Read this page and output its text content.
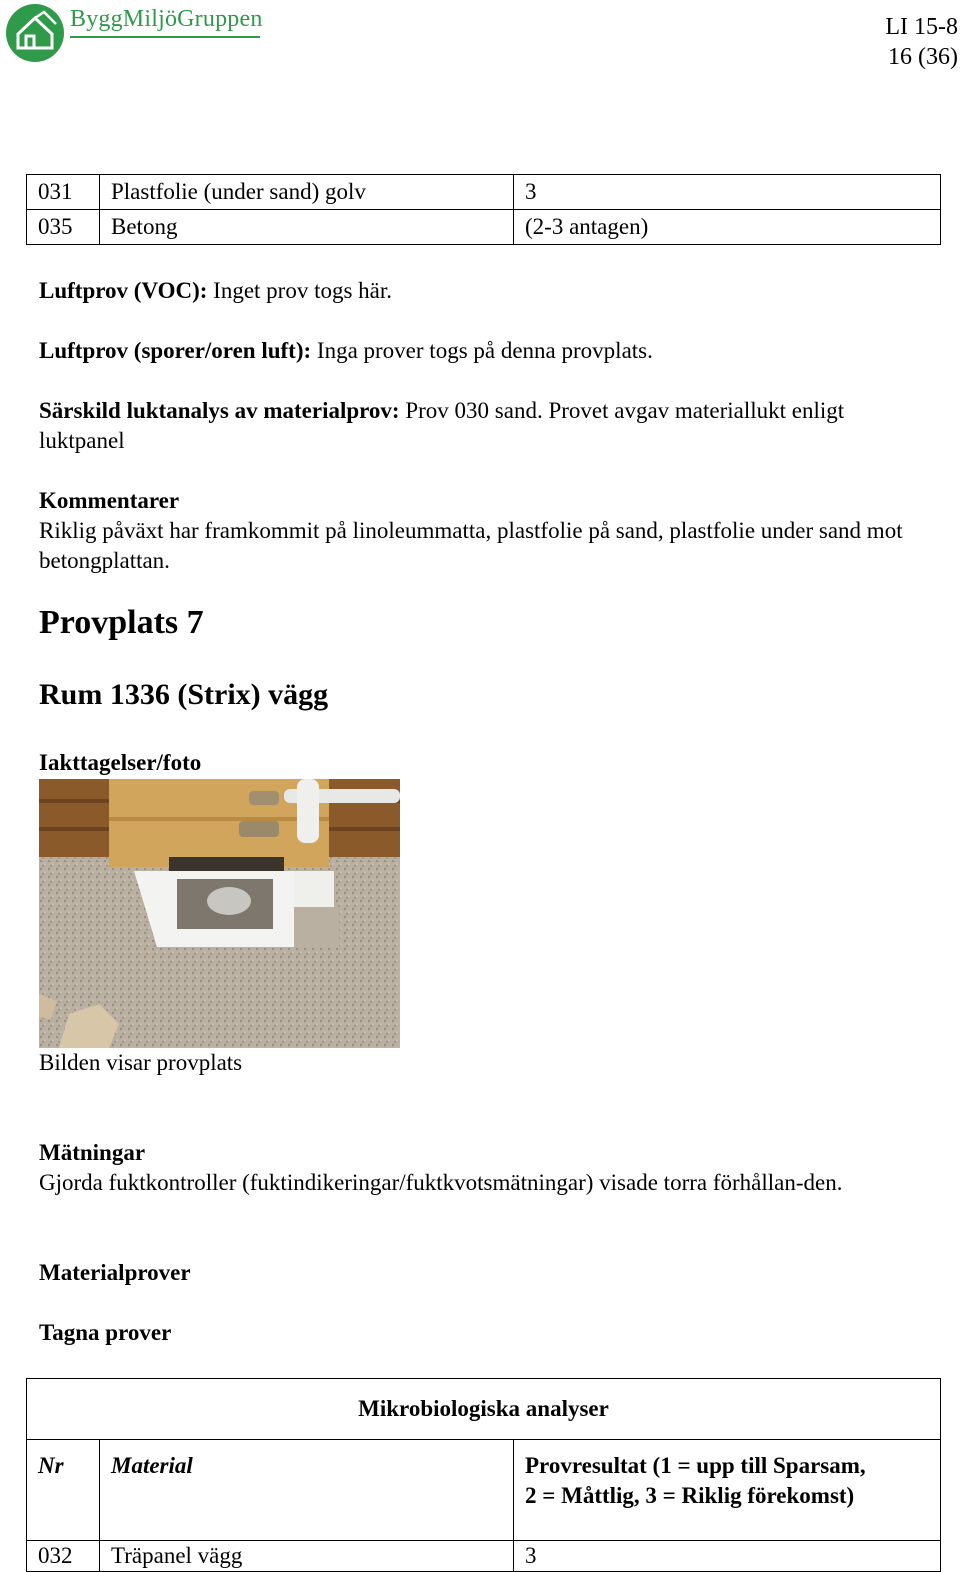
ByggMiljöGruppen	LI 15-8
16 (36)
031	Plastfolie (under sand) golv	3
035	Betong	(2-3 antagen)
Luftprov (VOC): Inget prov togs här.
Luftprov (sporer/oren luft): Inga prover togs på denna provplats.
Särskild luktanalys av materialprov: Prov 030 sand. Provet avgav materiallukt enligt luktpanel
Kommentarer
Riklig påväxt har framkommit på linoleummatta, plastfolie på sand, plastfolie under sand mot betongplattan.
Provplats 7
Rum 1336 (Strix) vägg
Iakttagelser/foto
Bilden visar provplats
Mätningar
Gjorda fuktkontroller (fuktindikeringar/fuktkvotsmätningar) visade torra förhållan-den.
Materialprover
Tagna prover
Mikrobiologiska analyser		
Nr	Material	Provresultat (1 = upp till Sparsam,
2 = Måttlig, 3 = Riklig förekomst)

032	Träpanel vägg	3
